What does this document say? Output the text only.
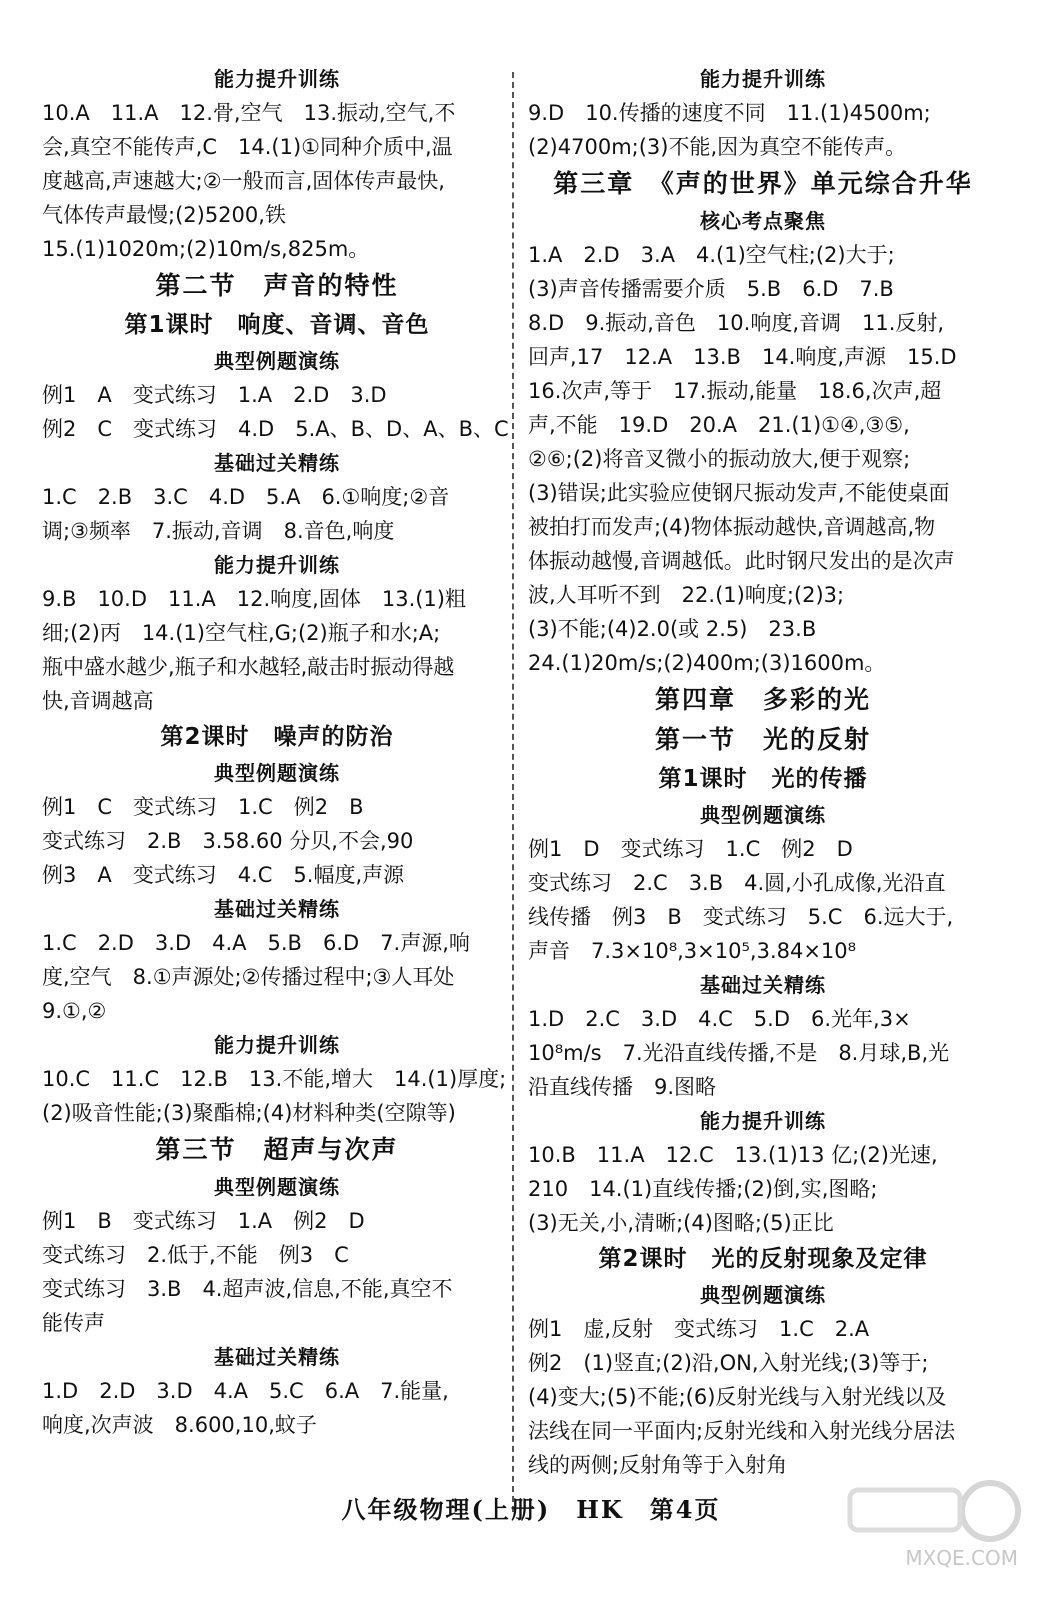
能力提升训练
10.A　11.A　12.骨,空气　13.振动,空气,不
会,真空不能传声,C　14.(1)①同种介质中,温
度越高,声速越大;②一般而言,固体传声最快,
气体传声最慢;(2)5200,铁
15.(1)1020m;(2)10m/s,825m。
第二节　声音的特性
第1课时　响度、音调、音色
典型例题演练
例1　A　变式练习　1.A　2.D　3.D
例2　C　变式练习　4.D　5.A、B、D、A、B、C
基础过关精练
1.C　2.B　3.C　4.D　5.A　6.①响度;②音
调;③频率　7.振动,音调　8.音色,响度
能力提升训练
9.B　10.D　11.A　12.响度,固体　13.(1)粗
细;(2)丙　14.(1)空气柱,G;(2)瓶子和水;A;
瓶中盛水越少,瓶子和水越轻,敲击时振动得越
快,音调越高
第2课时　噪声的防治
典型例题演练
例1　C　变式练习　1.C　例2　B
变式练习　2.B　3.58.60 分贝,不会,90
例3　A　变式练习　4.C　5.幅度,声源
基础过关精练
1.C　2.D　3.D　4.A　5.B　6.D　7.声源,响
度,空气　8.①声源处;②传播过程中;③人耳处
9.①,②
能力提升训练
10.C　11.C　12.B　13.不能,增大　14.(1)厚度;
(2)吸音性能;(3)聚酯棉;(4)材料种类(空隙等)
第三节　超声与次声
典型例题演练
例1　B　变式练习　1.A　例2　D
变式练习　2.低于,不能　例3　C
变式练习　3.B　4.超声波,信息,不能,真空不
能传声
基础过关精练
1.D　2.D　3.D　4.A　5.C　6.A　7.能量,
响度,次声波　8.600,10,蚊子
能力提升训练
9.D　10.传播的速度不同　11.(1)4500m;
(2)4700m;(3)不能,因为真空不能传声。
第三章　《声的世界》单元综合升华
核心考点聚焦
1.A　2.D　3.A　4.(1)空气柱;(2)大于;
(3)声音传播需要介质　5.B　6.D　7.B
8.D　9.振动,音色　10.响度,音调　11.反射,
回声,17　12.A　13.B　14.响度,声源　15.D
16.次声,等于　17.振动,能量　18.6,次声,超
声,不能　19.D　20.A　21.(1)①④,③⑤,
②⑥;(2)将音叉微小的振动放大,便于观察;
(3)错误;此实验应使钢尺振动发声,不能使桌面
被拍打而发声;(4)物体振动越快,音调越高,物
体振动越慢,音调越低。此时钢尺发出的是次声
波,人耳听不到　22.(1)响度;(2)3;
(3)不能;(4)2.0(或 2.5)　23.B
24.(1)20m/s;(2)400m;(3)1600m。
第四章　多彩的光
第一节　光的反射
第1课时　光的传播
典型例题演练
例1　D　变式练习　1.C　例2　D
变式练习　2.C　3.B　4.圆,小孔成像,光沿直
线传播　例3　B　变式练习　5.C　6.远大于,
声音　7.3×10⁸,3×10⁵,3.84×10⁸
基础过关精练
1.D　2.C　3.D　4.C　5.D　6.光年,3×
10⁸m/s　7.光沿直线传播,不是　8.月球,B,光
沿直线传播　9.图略
能力提升训练
10.B　11.A　12.C　13.(1)13 亿;(2)光速,
210　14.(1)直线传播;(2)倒,实,图略;
(3)无关,小,清晰;(4)图略;(5)正比
第2课时　光的反射现象及定律
典型例题演练
例1　虚,反射　变式练习　1.C　2.A
例2　(1)竖直;(2)沿,ON,入射光线;(3)等于;
(4)变大;(5)不能;(6)反射光线与入射光线以及
法线在同一平面内;反射光线和入射光线分居法
线的两侧;反射角等于入射角
八年级物理(上册)　HK　第4页
MXQE.COM
